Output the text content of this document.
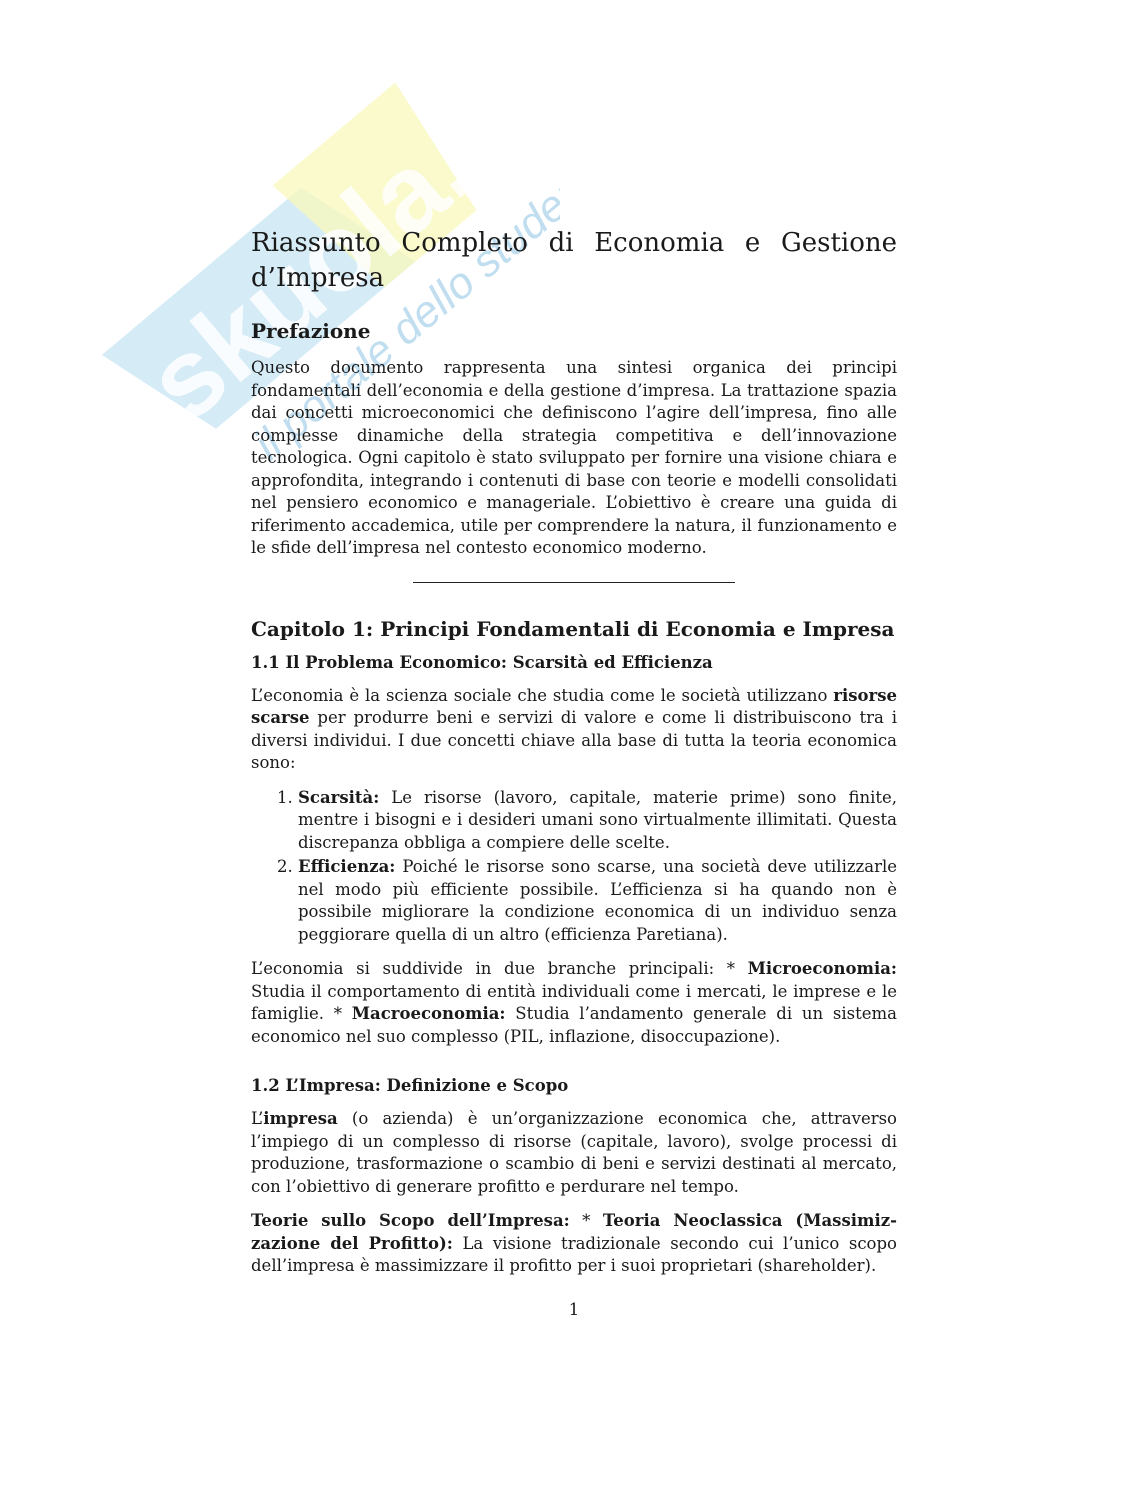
skuola.net
il portale dello studente
Riassunto Completo di Economia e Gestione
d’Impresa
Prefazione

Questo documento rappresenta una sintesi organica dei principi fondamentali dell’economia e della gestione d’impresa. La trattazione spazia dai concetti microeconomici che definiscono l’agire dell’impresa, fino alle complesse dinamiche della strategia competitiva e dell’innovazione tecnologica. Ogni capitolo è stato sviluppato per fornire una visione chiara e approfondita, integrando i contenuti di base con teorie e modelli consolidati nel pensiero economico e manageriale. L’obiettivo è creare una guida di riferimento accademica, utile per comprendere la natura, il funzionamento e le sfide dell’impresa nel contesto economico moderno.

Capitolo 1: Principi Fondamentali di Economia e Impresa
1.1 Il Problema Economico: Scarsità ed Efficienza

L’economia è la scienza sociale che studia come le società utilizzano risorse scarse per produrre beni e servizi di valore e come li distribuiscono tra i diversi individui. I due concetti chiave alla base di tutta la teoria economica sono:

1. Scarsità: Le risorse (lavoro, capitale, materie prime) sono finite, mentre i bisogni e i desideri umani sono virtualmente illimitati. Questa discrepanza obbliga a compiere delle scelte.
2. Efficienza: Poiché le risorse sono scarse, una società deve utilizzarle nel modo più efficiente possibile. L’efficienza si ha quando non è possibile migliorare la condizione economica di un individuo senza peggiorare quella di un altro (efficienza Paretiana).

L’economia si suddivide in due branche principali: * Microeconomia: Studia il comportamento di entità individuali come i mercati, le imprese e le famiglie. * Macroeconomia: Studia l’andamento generale di un sistema economico nel suo complesso (PIL, inflazione, disoccupazione).

1.2 L’Impresa: Definizione e Scopo

L’impresa (o azienda) è un’organizzazione economica che, attraverso l’impiego di un complesso di risorse (capitale, lavoro), svolge processi di produzione, trasformazione o scambio di beni e servizi destinati al mercato, con l’obiettivo di generare profitto e perdurare nel tempo.

Teorie sullo Scopo dell’Impresa: * Teoria Neoclassica (Massimizzazione del Profitto): La visione tradizionale secondo cui l’unico scopo dell’impresa è massimizzare il profitto per i suoi proprietari (shareholder).

1
